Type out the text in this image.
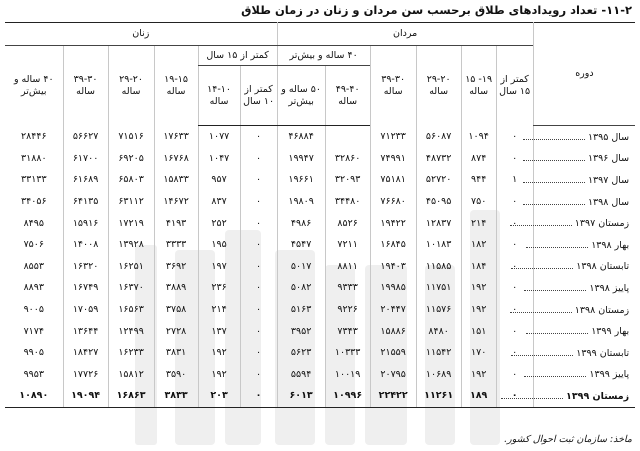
۱۱-۲- تعداد رویدادهای طلاق برحسب سن مردان و زنان در زمان طلاق
دوره	مردان						زنان					
	کمتر از ۱۵ سال	۱۹- ۱۵ ساله	۲۹-۲۰ ساله	۳۹-۳۰ ساله	۴۰ ساله و بیش‌تر		کمتر از ۱۵ سال		۱۹-۱۵ ساله	۲۹-۲۰ ساله	۳۹-۳۰ ساله	۴۰ ساله و بیش‌تر
					۴۹-۴۰ ساله	۵۰ ساله و بیش‌تر	کمتر از ۱۰ سال	۱۴-۱۰ ساله				
سال ۱۳۹۵	۰	۱۰۹۴	۵۶۰۸۷	۷۱۲۳۳		۴۶۸۸۴	۰	۱۰۷۷	۱۷۶۳۳	۷۱۵۱۶	۵۶۶۲۷	۲۸۴۴۶
سال ۱۳۹۶	۰	۸۷۴	۴۸۷۳۲	۷۴۹۹۱	۳۲۸۶۰	۱۹۹۴۷	۰	۱۰۴۷	۱۶۷۶۸	۶۹۲۰۵	۶۱۷۰۰	۳۱۸۸۰
سال ۱۳۹۷	۱	۹۴۴	۵۲۷۲۰	۷۵۱۸۱	۳۲۰۹۳	۱۹۶۶۱	۰	۹۵۷	۱۵۸۳۳	۶۵۸۰۳	۶۱۶۸۹	۳۳۱۳۳
سال ۱۳۹۸	۰	۷۵۰	۴۵۰۹۵	۷۶۶۸۰	۳۴۴۸۰	۱۹۸۰۹	۰	۸۳۷	۱۴۶۷۲	۶۳۱۱۲	۶۴۱۳۵	۳۴۰۵۶
زمستان ۱۳۹۷	۰	۲۱۴	۱۲۸۳۷	۱۹۴۲۲	۸۵۲۶	۴۹۸۶	۰	۲۵۲	۴۱۹۳	۱۷۲۱۹	۱۵۹۱۶	۸۴۹۵
بهار ۱۳۹۸	۰	۱۸۲	۱۰۱۸۳	۱۶۸۴۵	۷۲۱۱	۴۵۴۷	۰	۱۹۵	۳۳۳۳	۱۳۹۲۸	۱۴۰۰۸	۷۵۰۶
تابستان ۱۳۹۸	۰	۱۸۴	۱۱۵۸۵	۱۹۴۰۳	۸۸۱۱	۵۰۱۷	۰	۱۹۷	۳۶۹۲	۱۶۲۵۱	۱۶۳۲۰	۸۵۵۳
پاییز ۱۳۹۸	۰	۱۹۲	۱۱۷۵۱	۱۹۹۸۵	۹۳۳۳	۵۰۸۲	۰	۲۳۶	۳۸۸۹	۱۶۳۷۰	۱۶۷۴۹	۸۸۹۳
زمستان ۱۳۹۸	۰	۱۹۲	۱۱۵۷۶	۲۰۴۴۷	۹۲۲۶	۵۱۶۳	۰	۲۱۴	۳۷۵۸	۱۶۵۶۳	۱۷۰۵۹	۹۰۰۵
بهار ۱۳۹۹	۰	۱۵۱	۸۴۸۰	۱۵۸۸۶	۷۳۴۳	۳۹۵۲	۰	۱۳۷	۲۷۲۸	۱۲۴۹۹	۱۳۶۴۴	۷۱۷۴
تابستان ۱۳۹۹	۰	۱۷۰	۱۱۵۴۲	۲۱۵۵۹	۱۰۳۳۳	۵۶۲۳	۰	۱۹۲	۳۸۳۱	۱۶۲۳۳	۱۸۴۲۷	۹۹۰۵
پاییز ۱۳۹۹	۰	۱۹۲	۱۰۶۸۹	۲۰۷۹۵	۱۰۰۱۹	۵۵۹۴	۰	۱۹۲	۳۵۹۰	۱۵۸۱۲	۱۷۷۲۶	۹۹۵۳
زمستان ۱۳۹۹	۰	۱۸۹	۱۱۲۶۱	۲۲۴۲۲	۱۰۹۹۶	۶۰۱۳	۰	۲۰۳	۳۸۳۳	۱۶۸۶۳	۱۹۰۹۴	۱۰۸۹۰
ماخذ: سازمان ثبت احوال کشور.
